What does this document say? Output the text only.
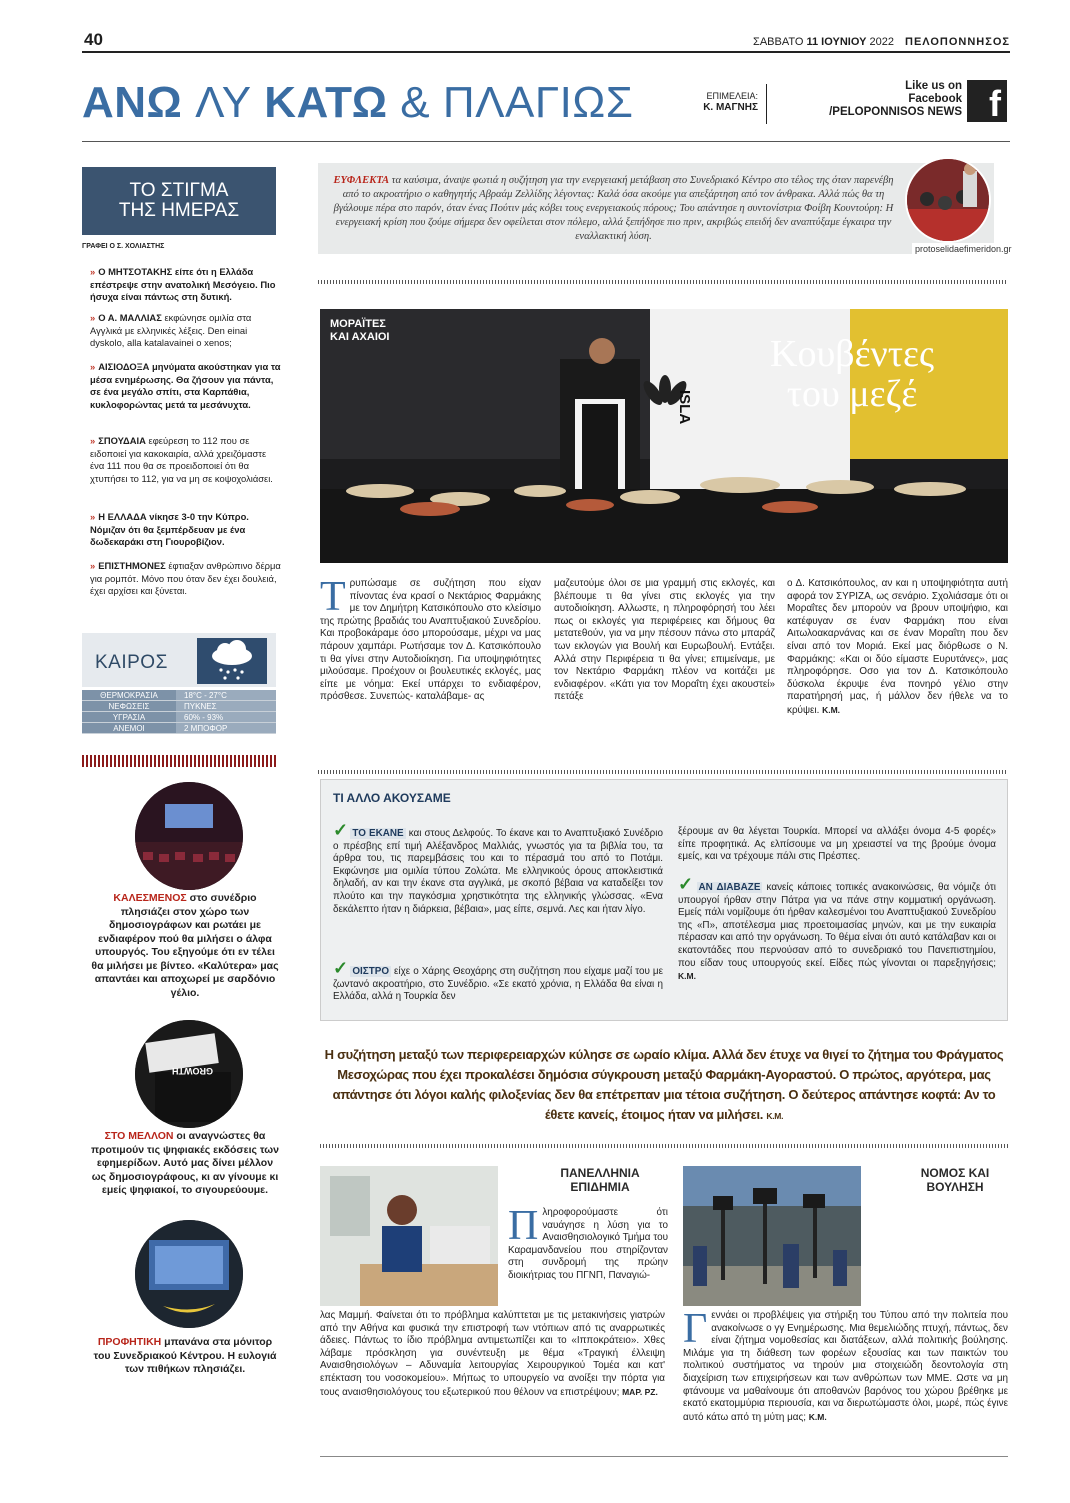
40	ΣΑΒΒΑΤΟ 11 ΙΟΥΝΙΟΥ 2022 ΠΕΛΟΠΟΝΝΗΣΟΣ
ΑΝΩ ΛΥ ΚΑΤΩ & ΠΛΑΓΙΩΣ	ΕΠΙΜΕΛΕΙΑ:
Κ. ΜΑΓΝΗΣ
Like us on
Facebook
/PELOPONNISOS NEWS f
ΤΟ ΣΤΙΓΜΑ
ΤΗΣ ΗΜΕΡΑΣ
ΓΡΑΦΕΙ Ο Σ. ΧΟΛΙΑΣΤΗΣ
» Ο ΜΗΤΣΟΤΑΚΗΣ είπε ότι η Ελλάδα επέστρεψε στην ανατολική Μεσόγειο. Πιο ήσυχα είναι πάντως στη δυτική.
» Ο Α. ΜΑΛΛΙΑΣ εκφώνησε ομιλία στα Αγγλικά με ελληνικές λέξεις. Den einai dyskolo, alla katalavainei o xenos;
» ΑΙΣΙΟΔΟΞΑ μηνύματα ακούστηκαν για τα μέσα ενημέρωσης. Θα ζήσουν για πάντα, σε ένα μεγάλο σπίτι, στα Καρπάθια, κυκλοφορώντας μετά τα μεσάνυχτα.
» ΣΠΟΥΔΑΙΑ εφεύρεση το 112 που σε ειδοποιεί για κακοκαιρία, αλλά χρειζόμαστε ένα 111 που θα σε προειδοποιεί ότι θα χτυπήσει το 112, για να μη σε κοψοχολιάσει.
» Η ΕΛΛΑΔΑ νίκησε 3-0 την Κύπρο. Νόμιζαν ότι θα ξεμπέρδευαν με ένα δωδεκαράκι στη Γιουροβίζιον.
» ΕΠΙΣΤΗΜΟΝΕΣ έφτιαξαν ανθρώπινο δέρμα για ρομπότ. Μόνο που όταν δεν έχει δουλειά, έχει αρχίσει και ξύνεται.
ΚΑΙΡΟΣ
ΘΕΡΜΟΚΡΑΣΙΑ	18°C - 27°C
ΝΕΦΩΣΕΙΣ	ΠΥΚΝΕΣ
ΥΓΡΑΣΙΑ	60% - 93%
ΑΝΕΜΟΙ	2 ΜΠΟΦΟΡ
ΚΑΛΕΣΜΕΝΟΣ στο συνέδριο πλησιάζει στον χώρο των δημοσιογράφων και ρωτάει με ενδιαφέρον πού θα μιλήσει ο άλφα υπουργός. Του εξηγούμε ότι εν τέλει θα μιλήσει με βίντεο. «Καλύτερα» μας απαντάει και αποχωρεί με σαρδόνιο γέλιο.
GROWTH
ΣΤΟ ΜΕΛΛΟΝ οι αναγνώστες θα προτιμούν τις ψηφιακές εκδόσεις των εφημερίδων. Αυτό μας δίνει μέλλον ως δημοσιογράφους, κι αν γίνουμε κι εμείς ψηφιακοί, το σιγουρεύουμε.
ΠΡΟΦΗΤΙΚΗ μπανάνα στα μόνιτορ του Συνεδριακού Κέντρου. Η ευλογιά των πιθήκων πλησιάζει.
ΕΥΦΛΕΚΤΑ τα καύσιμα, άναψε φωτιά η συζήτηση για την ενεργειακή μετάβαση στο Συνεδριακό Κέντρο στο τέλος της όταν παρενέβη από το ακροατήριο ο καθηγητής Αβραάμ Ζελλίδης λέγοντας: Καλά όσα ακούμε για απεξάρτηση από τον άνθρακα. Αλλά πώς θα τη βγάλουμε πέρα στο παρόν, όταν ένας Πούτιν μάς κόβει τους ενεργειακούς πόρους; Του απάντησε η συντονίστρια Φοίβη Κουντούρη: Η ενεργειακή κρίση που ζούμε σήμερα δεν οφείλεται στον πόλεμο, αλλά ξεπήδησε πιο πριν, ακριβώς επειδή δεν αναπτύξαμε έγκαιρα την εναλλακτική λύση.
protoselidaefimeridon.gr
ISLA
ΜΟΡΑΪΤΕΣ
ΚΑΙ ΑΧΑΙΟΙ	Κουβέντες
του μεζέ
Τρυπώσαμε σε συζήτηση που είχαν πίνοντας ένα κρασί ο Νεκτάριος Φαρμάκης με τον Δημήτρη Κατσικόπουλο στο κλείσιμο της πρώτης βραδιάς του Αναπτυξιακού Συνεδρίου. Και προβοκάραμε όσο μπορούσαμε, μέχρι να μας πάρουν χαμπάρι. Ρωτήσαμε τον Δ. Κατσικόπουλο τι θα γίνει στην Αυτοδιοίκηση. Για υποψηφιότητες μιλούσαμε. Προέχουν οι βουλευτικές εκλογές, μας είπε με νόημα: Εκεί υπάρχει το ενδιαφέρον, πρόσθεσε. Συνεπώς- καταλάβαμε- ας
μαζευτούμε όλοι σε μια γραμμή στις εκλογές, και βλέπουμε τι θα γίνει στις εκλογές για την αυτοδιοίκηση. Αλλωστε, η πληροφόρησή του λέει πως οι εκλογές για περιφέρειες και δήμους θα μετατεθούν, για να μην πέσουν πάνω στο μπαράζ των εκλογών για Βουλή και Ευρωβουλή. Εντάξει. Αλλά στην Περιφέρεια τι θα γίνει; επιμείναμε, με τον Νεκτάριο Φαρμάκη πλέον να κοιτάζει με ενδιαφέρον. «Κάτι για τον Μοραΐτη έχει ακουστεί» πετάξε
ο Δ. Κατσικόπουλος, αν και η υποψηφιότητα αυτή αφορά τον ΣΥΡΙΖΑ, ως σενάριο. Σχολιάσαμε ότι οι Μοραΐτες δεν μπορούν να βρουν υποψήφιο, και κατέφυγαν σε έναν Φαρμάκη που είναι Αιτωλοακαρνάνας και σε έναν Μοραΐτη που δεν είναι από τον Μοριά. Εκεί μας διόρθωσε ο Ν. Φαρμάκης: «Και οι δύο είμαστε Ευρυτάνες», μας πληροφόρησε. Οσο για τον Δ. Κατσικόπουλο δύσκολα έκρυψε ένα πονηρό γέλιο στην παρατήρησή μας, ή μάλλον δεν ήθελε να το κρύψει. Κ.Μ.
ΤΙ ΑΛΛΟ ΑΚΟΥΣΑΜΕ
✓ ΤΟ ΕΚΑΝΕ και στους Δελφούς. Το έκανε και το Αναπτυξιακό Συνέδριο ο πρέσβης επί τιμή Αλέξανδρος Μαλλιάς, γνωστός για τα βιβλία του, τα άρθρα του, τις παρεμβάσεις του και το πέρασμά του από το Ποτάμι. Εκφώνησε μια ομιλία τύπου Ζολώτα. Με ελληνικούς όρους αποκλειστικά δηλαδή, αν και την έκανε στα αγγλικά, με σκοπό βέβαια να καταδείξει τον πλούτο και την παγκόσμια χρηστικότητα της ελληνικής γλώσσας. «Ενα δεκάλεπτο ήταν η διάρκεια, βέβαια», μας είπε, σεμνά. Λες και ήταν λίγο.
✓ ΟΙΣΤΡΟ είχε ο Χάρης Θεοχάρης στη συζήτηση που είχαμε μαζί του με ζωντανό ακροατήριο, στο Συνέδριο. «Σε εκατό χρόνια, η Ελλάδα θα είναι η Ελλάδα, αλλά η Τουρκία δεν
ξέρουμε αν θα λέγεται Τουρκία. Μπορεί να αλλάξει όνομα 4-5 φορές» είπε προφητικά. Ας ελπίσουμε να μη χρειαστεί να της βρούμε όνομα εμείς, και να τρέχουμε πάλι στις Πρέσπες.
✓ ΑΝ ΔΙΑΒΑΖΕ κανείς κάποιες τοπικές ανακοινώσεις, θα νόμιζε ότι υπουργοί ήρθαν στην Πάτρα για να πάνε στην κομματική οργάνωση. Εμείς πάλι νομίζουμε ότι ήρθαν καλεσμένοι του Αναπτυξιακού Συνεδρίου της «Π», αποτέλεσμα μιας προετοιμασίας μηνών, και με την ευκαιρία πέρασαν και από την οργάνωση. Το θέμα είναι ότι αυτό κατάλαβαν και οι εκατοντάδες που περνούσαν από το συνεδριακό του Πανεπιστημίου, που είδαν τους υπουργούς εκεί. Είδες πώς γίνονται οι παρεξηγήσεις; Κ.Μ.
Η συζήτηση μεταξύ των περιφερειαρχών κύλησε σε ωραίο κλίμα. Αλλά δεν έτυχε να θιγεί το ζήτημα του Φράγματος Μεσοχώρας που έχει προκαλέσει δημόσια σύγκρουση μεταξύ Φαρμάκη-Αγοραστού. Ο πρώτος, αργότερα, μας απάντησε ότι λόγοι καλής φιλοξενίας δεν θα επέτρεπαν μια τέτοια συζήτηση. Ο δεύτερος απάντησε κοφτά: Αν το έθετε κανείς, έτοιμος ήταν να μιλήσει. Κ.Μ.
ΠΑΝΕΛΛΗΝΙΑ
ΕΠΙΔΗΜΙΑ
Πληροφορούμαστε ότι ναυάγησε η λύση για το Αναισθησιολογικό Τμήμα του Καραμανδανείου που στηρίζονταν στη συνδρομή της πρώην διοικήτριας του ΠΓΝΠ, Παναγιώ-
λας Μαμμή. Φαίνεται ότι το πρόβλημα καλύπτεται με τις μετακινήσεις γιατρών από την Αθήνα και φυσικά την επιστροφή των ντόπιων από τις αναρρωτικές άδειες. Πάντως το ίδιο πρόβλημα αντιμετωπίζει και το «Ιπποκράτειο». Χθες λάβαμε πρόσκληση για συνέντευξη με θέμα «Τραγική έλλειψη Αναισθησιολόγων – Αδυναμία λειτουργίας Χειρουργικού Τομέα και κατ' επέκταση του νοσοκομείου». Μήπως το υπουργείο να ανοίξει την πόρτα για τους αναισθησιολόγους του εξωτερικού που θέλουν να επιστρέψουν; ΜΑΡ. ΡΖ.
ΝΟΜΟΣ ΚΑΙ
ΒΟΥΛΗΣΗ
Γεννάει οι προβλέψεις για στήριξη του Τύπου από την πολιτεία που ανακοίνωσε ο γγ Ενημέρωσης. Μια θεμελιώδης πτυχή, πάντως, δεν είναι ζήτημα νομοθεσίας και διατάξεων, αλλά πολιτικής βούλησης. Μιλάμε για τη διάθεση των φορέων εξουσίας και των παικτών του πολιτικού συστήματος να τηρούν μια στοιχειώδη δεοντολογία στη διαχείριση των επιχειρήσεων και των ανθρώπων των ΜΜΕ. Ωστε να μη φτάνουμε να μαθαίνουμε ότι αποθανών βαρόνος του χώρου βρέθηκε με εκατό εκατομμύρια περιουσία, και να διερωτώμαστε όλοι, μωρέ, πώς έγινε αυτό κάτω από τη μύτη μας; Κ.Μ.
